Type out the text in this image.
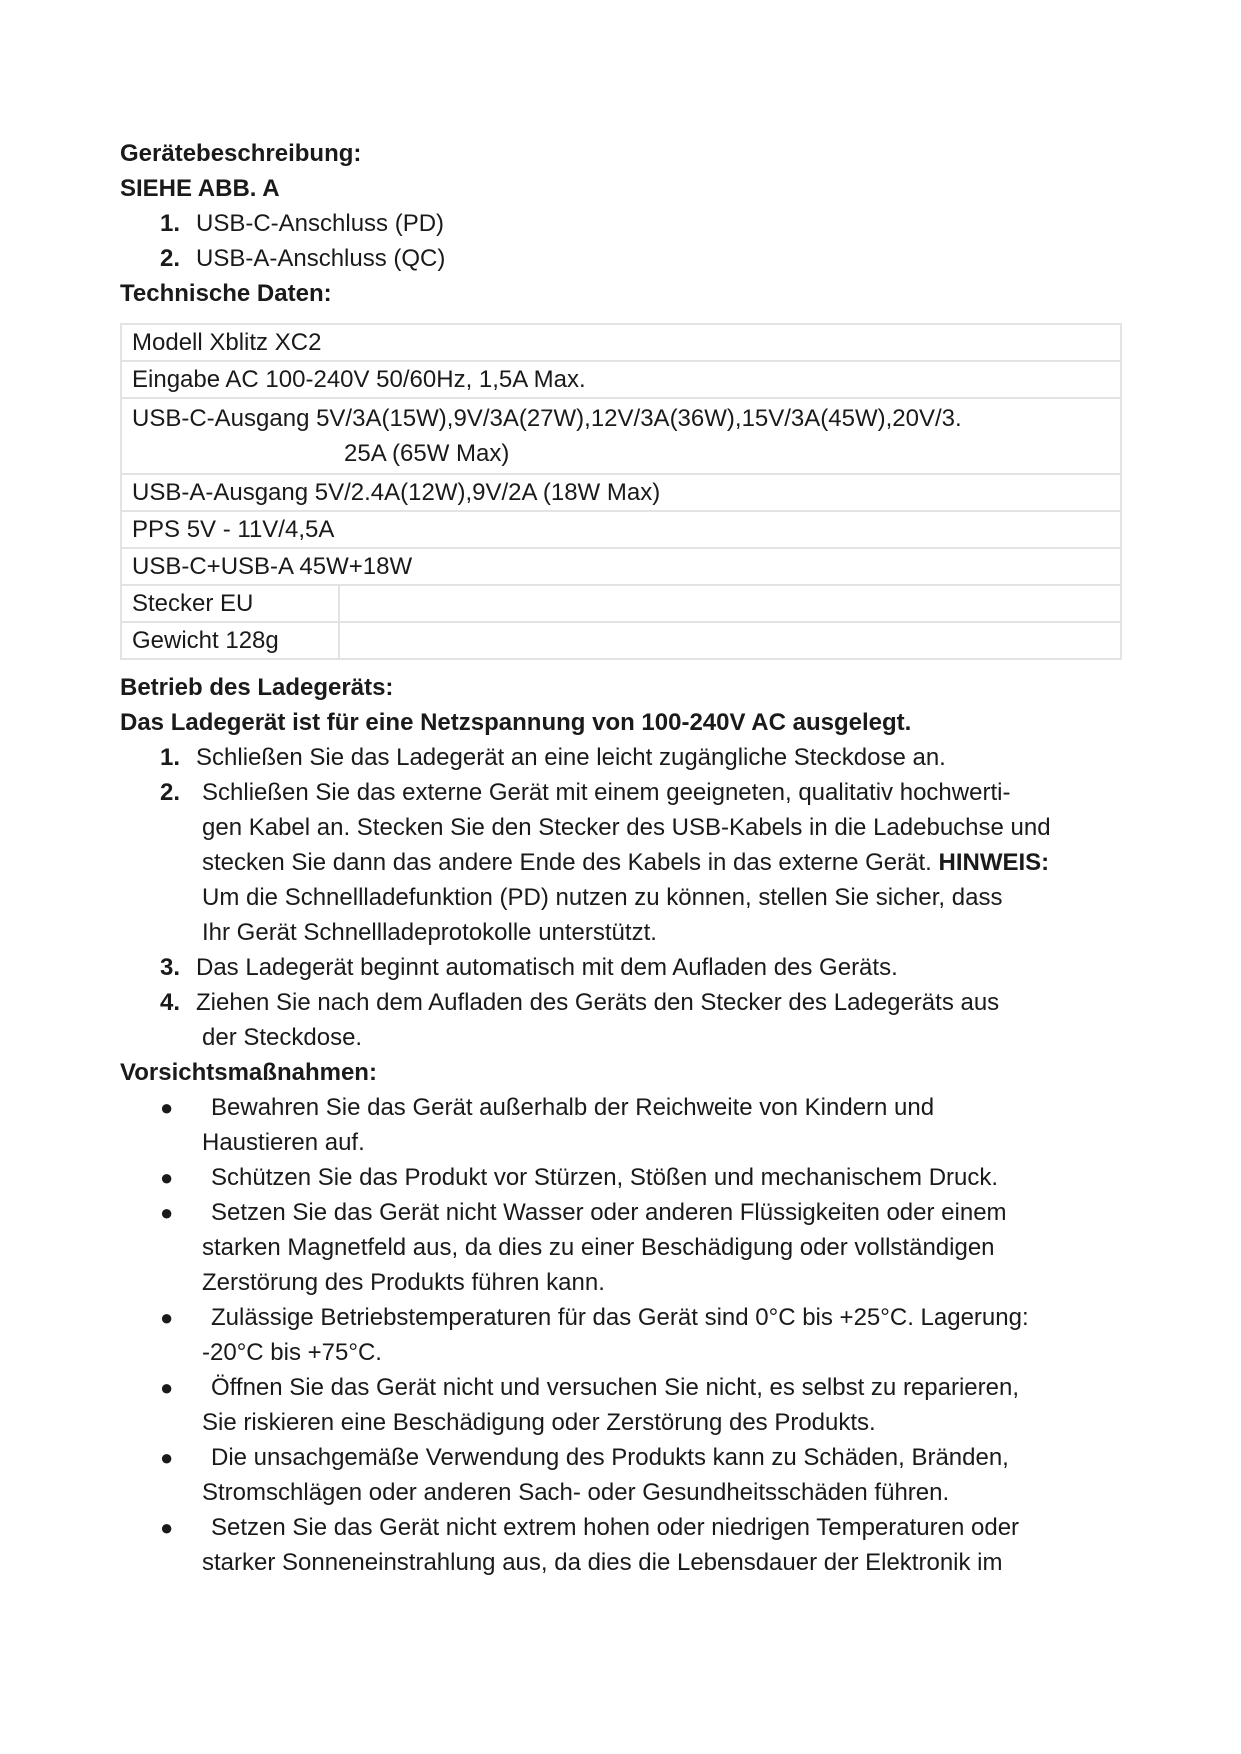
Gerätebeschreibung:
SIEHE ABB. A
1. USB-C-Anschluss (PD)
2. USB-A-Anschluss (QC)
Technische Daten:
Modell Xblitz XC2	
Eingabe AC 100-240V 50/60Hz, 1,5A Max.	

USB-C-Ausgang 5V/3A(15W),9V/3A(27W),12V/3A(36W),15V/3A(45W),20V/3.
25A (65W Max)	

USB-A-Ausgang 5V/2.4A(12W),9V/2A (18W Max)	
PPS 5V - 11V/4,5A	
USB-C+USB-A 45W+18W	
Stecker EU	
Gewicht 128g	
Betrieb des Ladegeräts:
Das Ladegerät ist für eine Netzspannung von 100-240V AC ausgelegt.
1. Schließen Sie das Ladegerät an eine leicht zugängliche Steckdose an.
2. Schließen Sie das externe Gerät mit einem geeigneten, qualitativ hochwerti-
gen Kabel an. Stecken Sie den Stecker des USB-Kabels in die Ladebuchse und
stecken Sie dann das andere Ende des Kabels in das externe Gerät. HINWEIS:
Um die Schnellladefunktion (PD) nutzen zu können, stellen Sie sicher, dass
Ihr Gerät Schnellladeprotokolle unterstützt.
3. Das Ladegerät beginnt automatisch mit dem Aufladen des Geräts.
4. Ziehen Sie nach dem Aufladen des Geräts den Stecker des Ladegeräts aus
der Steckdose.
Vorsichtsmaßnahmen:
●	Bewahren Sie das Gerät außerhalb der Reichweite von Kindern und
Haustieren auf.
●	Schützen Sie das Produkt vor Stürzen, Stößen und mechanischem Druck.
●	Setzen Sie das Gerät nicht Wasser oder anderen Flüssigkeiten oder einem
starken Magnetfeld aus, da dies zu einer Beschädigung oder vollständigen
Zerstörung des Produkts führen kann.
●	Zulässige Betriebstemperaturen für das Gerät sind 0°C bis +25°C. Lagerung:
-20°C bis +75°C.
●	Öffnen Sie das Gerät nicht und versuchen Sie nicht, es selbst zu reparieren,
Sie riskieren eine Beschädigung oder Zerstörung des Produkts.
●	Die unsachgemäße Verwendung des Produkts kann zu Schäden, Bränden,
Stromschlägen oder anderen Sach- oder Gesundheitsschäden führen.
●	Setzen Sie das Gerät nicht extrem hohen oder niedrigen Temperaturen oder
starker Sonneneinstrahlung aus, da dies die Lebensdauer der Elektronik im
